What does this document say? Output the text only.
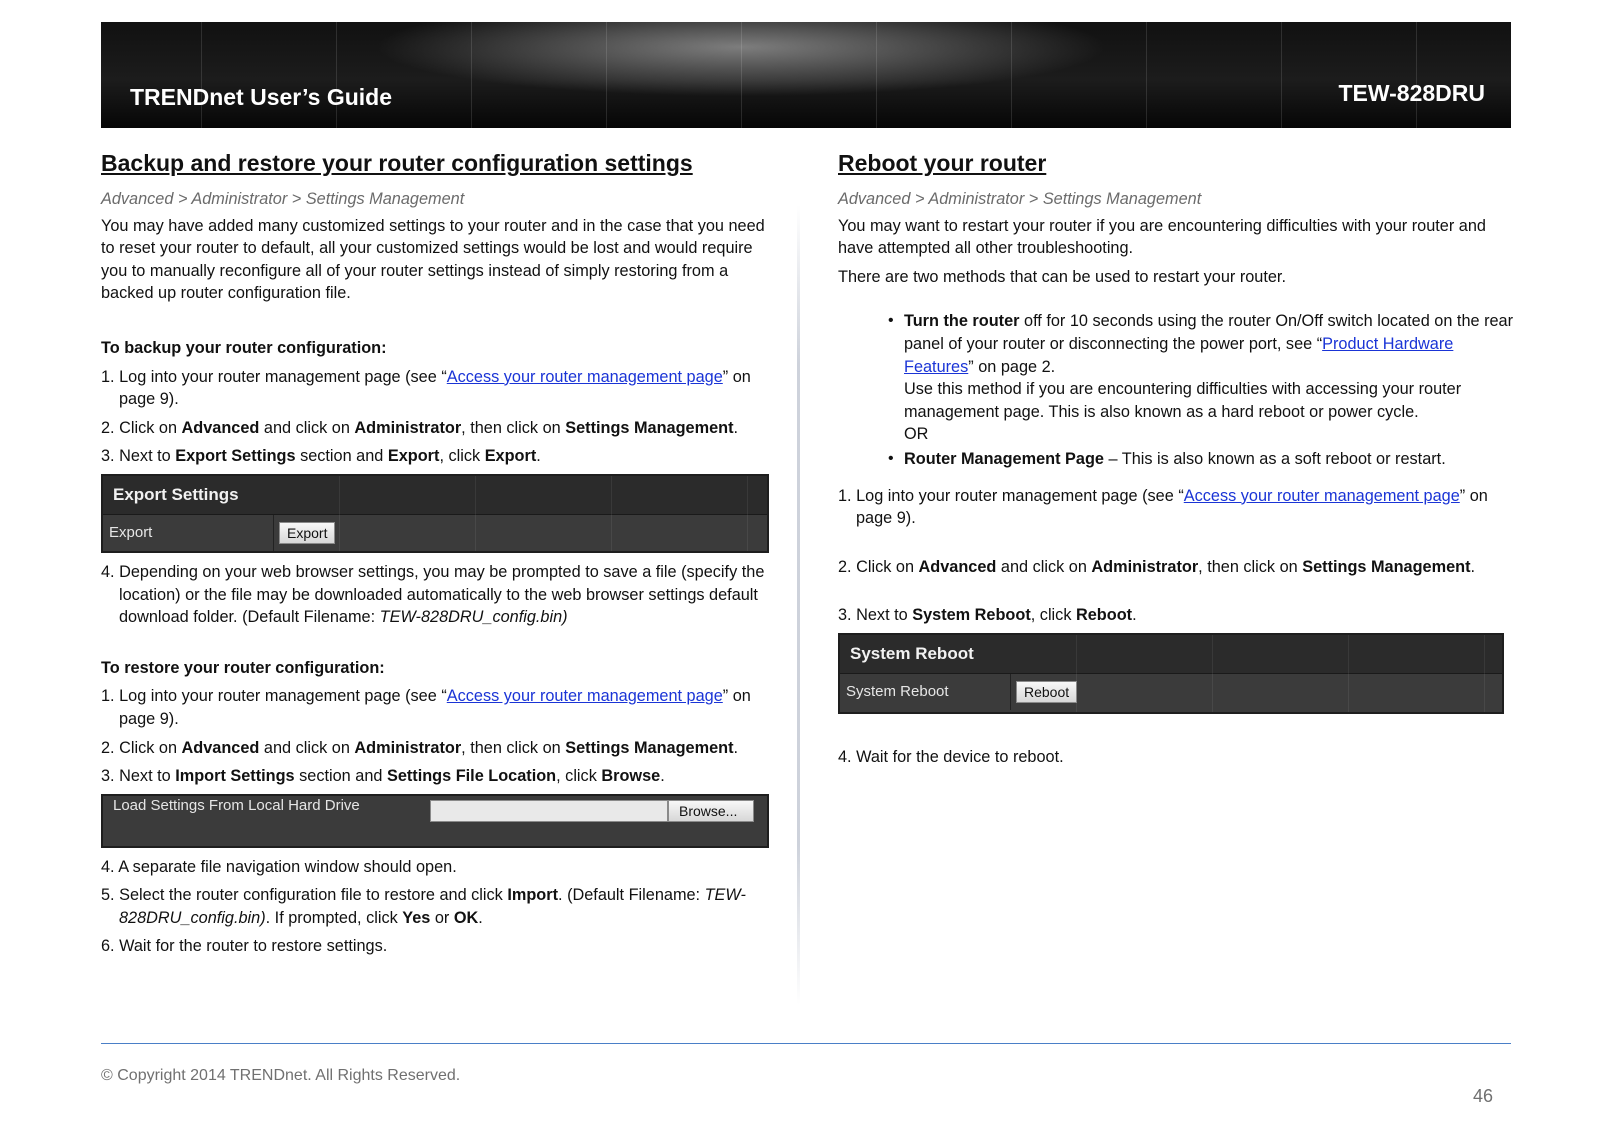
TRENDnet User’s Guide	TEW-828DRU
Backup and restore your router configuration settings
Advanced > Administrator > Settings Management

You may have added many customized settings to your router and in the case that you need to reset your router to default, all your customized settings would be lost and would require you to manually reconfigure all of your router settings instead of simply restoring from a backed up router configuration file.

To backup your router configuration:
1. Log into your router management page (see “Access your router management page” on page 9).
2. Click on Advanced and click on Administrator, then click on Settings Management.
3. Next to Export Settings section and Export, click Export.
Export Settings
Export	Export
4. Depending on your web browser settings, you may be prompted to save a file (specify the location) or the file may be downloaded automatically to the web browser settings default download folder. (Default Filename: TEW-828DRU_config.bin)
To restore your router configuration:
1. Log into your router management page (see “Access your router management page” on page 9).
2. Click on Advanced and click on Administrator, then click on Settings Management.
3. Next to Import Settings section and Settings File Location, click Browse.
Load Settings From Local Hard Drive	Browse...
4. A separate file navigation window should open.
5. Select the router configuration file to restore and click Import. (Default Filename: TEW-828DRU_config.bin). If prompted, click Yes or OK.
6. Wait for the router to restore settings.
Reboot your router
Advanced > Administrator > Settings Management

You may want to restart your router if you are encountering difficulties with your router and have attempted all other troubleshooting.

There are two methods that can be used to restart your router.

• Turn the router off for 10 seconds using the router On/Off switch located on the rear panel of your router or disconnecting the power port, see “Product Hardware Features” on page 2.
Use this method if you are encountering difficulties with accessing your router management page. This is also known as a hard reboot or power cycle.
OR
• Router Management Page – This is also known as a soft reboot or restart.
1. Log into your router management page (see “Access your router management page” on page 9).
2. Click on Advanced and click on Administrator, then click on Settings Management.
3. Next to System Reboot, click Reboot.
System Reboot
System Reboot	Reboot
4. Wait for the device to reboot.
© Copyright 2014 TRENDnet. All Rights Reserved.
46
